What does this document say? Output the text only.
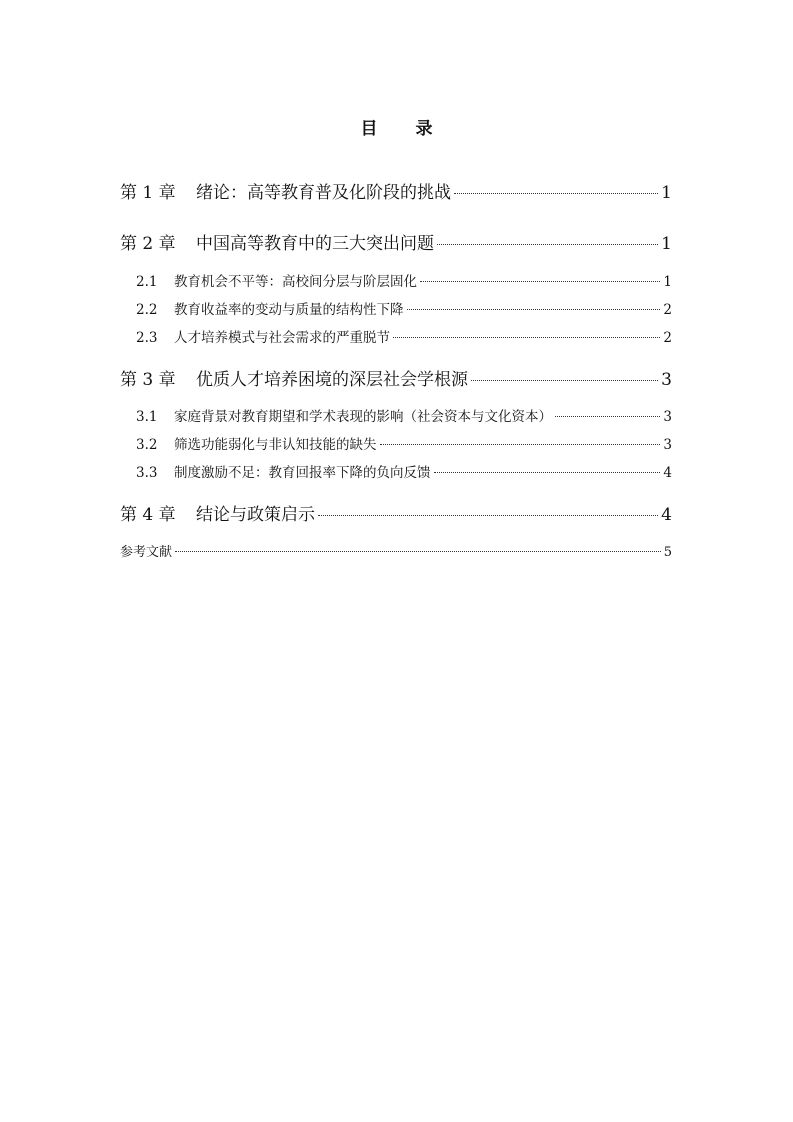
目 录
第 1 章	绪论：高等教育普及化阶段的挑战	1
第 2 章	中国高等教育中的三大突出问题	1
2.1	教育机会不平等：高校间分层与阶层固化	1
2.2	教育收益率的变动与质量的结构性下降	2
2.3	人才培养模式与社会需求的严重脱节	2
第 3 章	优质人才培养困境的深层社会学根源	3
3.1	家庭背景对教育期望和学术表现的影响（社会资本与文化资本）	3
3.2	筛选功能弱化与非认知技能的缺失	3
3.3	制度激励不足：教育回报率下降的负向反馈	4
第 4 章	结论与政策启示	4
参考文献	5
